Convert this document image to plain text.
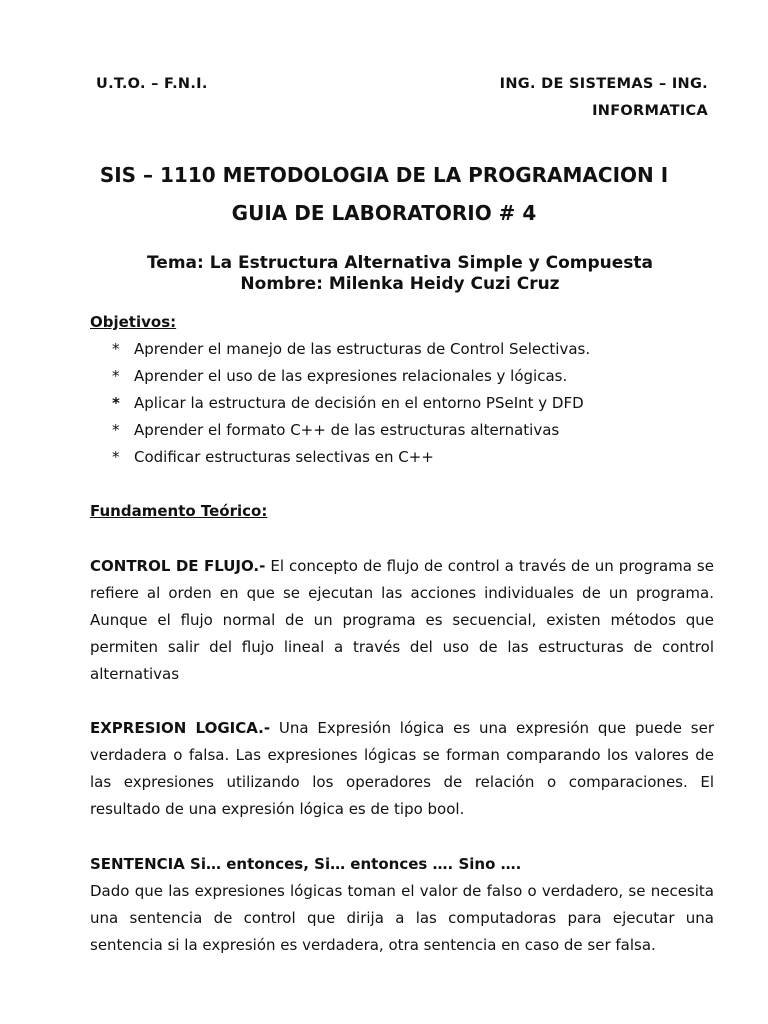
U.T.O. – F.N.I.	ING. DE SISTEMAS – ING.
INFORMATICA
SIS – 1110 METODOLOGIA DE LA PROGRAMACION I
GUIA DE LABORATORIO # 4
Tema: La Estructura Alternativa Simple y Compuesta
Nombre: Milenka Heidy Cuzi Cruz
Objetivos:
* Aprender el manejo de las estructuras de Control Selectivas.
* Aprender el uso de las expresiones relacionales y lógicas.
* Aplicar la estructura de decisión en el entorno PSeInt y DFD
* Aprender el formato C++ de las estructuras alternativas
* Codificar estructuras selectivas en C++
Fundamento Teórico:

CONTROL DE FLUJO.- El concepto de flujo de control a través de un programa se refiere al orden en que se ejecutan las acciones individuales de un programa. Aunque el flujo normal de un programa es secuencial, existen métodos que permiten salir del flujo lineal a través del uso de las estructuras de control alternativas

EXPRESION LOGICA.- Una Expresión lógica es una expresión que puede ser verdadera o falsa. Las expresiones lógicas se forman comparando los valores de las expresiones utilizando los operadores de relación o comparaciones. El resultado de una expresión lógica es de tipo bool.

SENTENCIA Si… entonces, Si… entonces …. Sino ….

Dado que las expresiones lógicas toman el valor de falso o verdadero, se necesita una sentencia de control que dirija a las computadoras para ejecutar una sentencia si la expresión es verdadera, otra sentencia en caso de ser falsa.
